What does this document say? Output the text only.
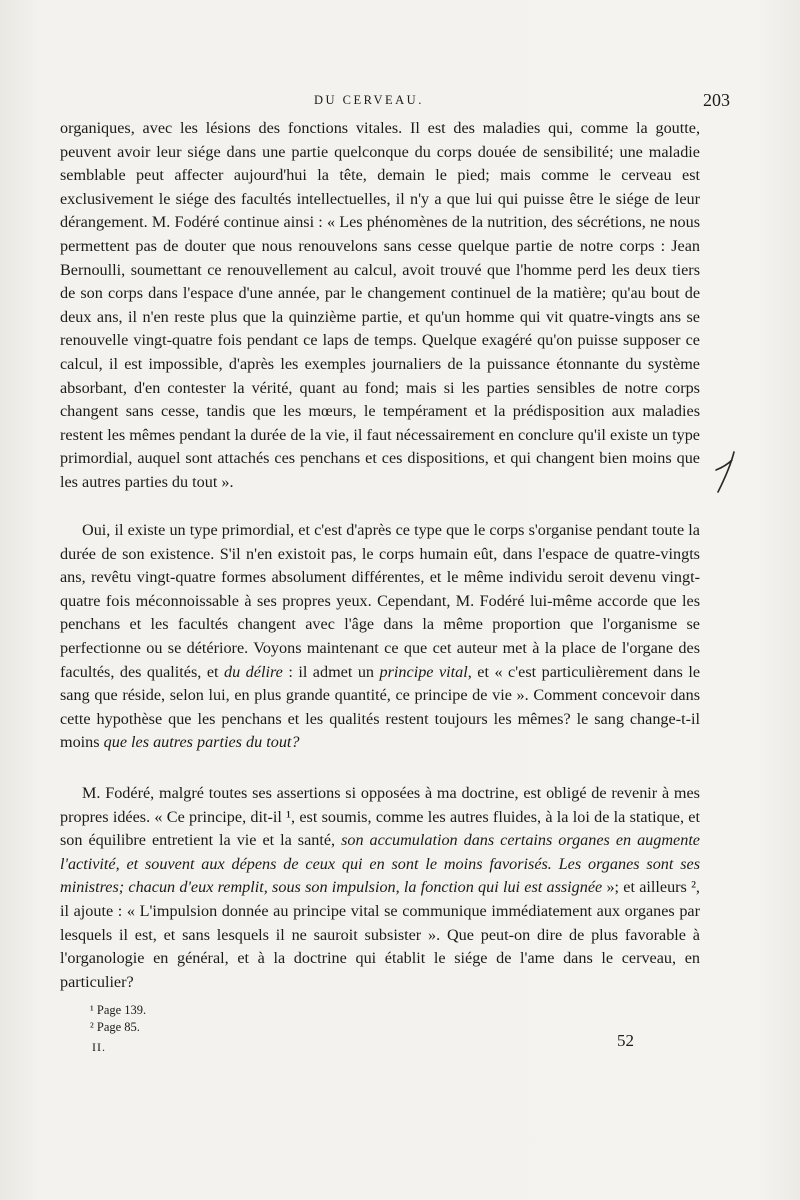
DU CERVEAU.	203

organiques, avec les lésions des fonctions vitales. Il est des maladies qui, comme la goutte, peuvent avoir leur siége dans une partie quelconque du corps douée de sensibilité; une maladie semblable peut affecter aujourd'hui la tête, demain le pied; mais comme le cerveau est exclusivement le siége des facultés intellectuelles, il n'y a que lui qui puisse être le siége de leur dérangement. M. Fodéré continue ainsi : « Les phénomènes de la nutrition, des sécrétions, ne nous permettent pas de douter que nous renouvelons sans cesse quelque partie de notre corps : Jean Bernoulli, soumettant ce renouvellement au calcul, avoit trouvé que l'homme perd les deux tiers de son corps dans l'espace d'une année, par le changement continuel de la matière; qu'au bout de deux ans, il n'en reste plus que la quinzième partie, et qu'un homme qui vit quatre-vingts ans se renouvelle vingt-quatre fois pendant ce laps de temps. Quelque exagéré qu'on puisse supposer ce calcul, il est impossible, d'après les exemples journaliers de la puissance étonnante du système absorbant, d'en contester la vérité, quant au fond; mais si les parties sensibles de notre corps changent sans cesse, tandis que les mœurs, le tempérament et la prédisposition aux maladies restent les mêmes pendant la durée de la vie, il faut nécessairement en conclure qu'il existe un type primordial, auquel sont attachés ces penchans et ces dispositions, et qui changent bien moins que les autres parties du tout ».

Oui, il existe un type primordial, et c'est d'après ce type que le corps s'organise pendant toute la durée de son existence. S'il n'en existoit pas, le corps humain eût, dans l'espace de quatre-vingts ans, revêtu vingt-quatre formes absolument différentes, et le même individu seroit devenu vingt-quatre fois méconnoissable à ses propres yeux. Cependant, M. Fodéré lui-même accorde que les penchans et les facultés changent avec l'âge dans la même proportion que l'organisme se perfectionne ou se détériore. Voyons maintenant ce que cet auteur met à la place de l'organe des facultés, des qualités, et du délire : il admet un principe vital, et « c'est particulièrement dans le sang que réside, selon lui, en plus grande quantité, ce principe de vie ». Comment concevoir dans cette hypothèse que les penchans et les qualités restent toujours les mêmes? le sang change-t-il moins que les autres parties du tout?

M. Fodéré, malgré toutes ses assertions si opposées à ma doctrine, est obligé de revenir à mes propres idées. « Ce principe, dit-il ¹, est soumis, comme les autres fluides, à la loi de la statique, et son équilibre entretient la vie et la santé, son accumulation dans certains organes en augmente l'activité, et souvent aux dépens de ceux qui en sont le moins favorisés. Les organes sont ses ministres; chacun d'eux remplit, sous son impulsion, la fonction qui lui est assignée »; et ailleurs ², il ajoute : « L'impulsion donnée au principe vital se communique immédiatement aux organes par lesquels il est, et sans lesquels il ne sauroit subsister ». Que peut-on dire de plus favorable à l'organologie en général, et à la doctrine qui établit le siége de l'ame dans le cerveau, en particulier?

¹ Page 139.
² Page 85.
II.	52
